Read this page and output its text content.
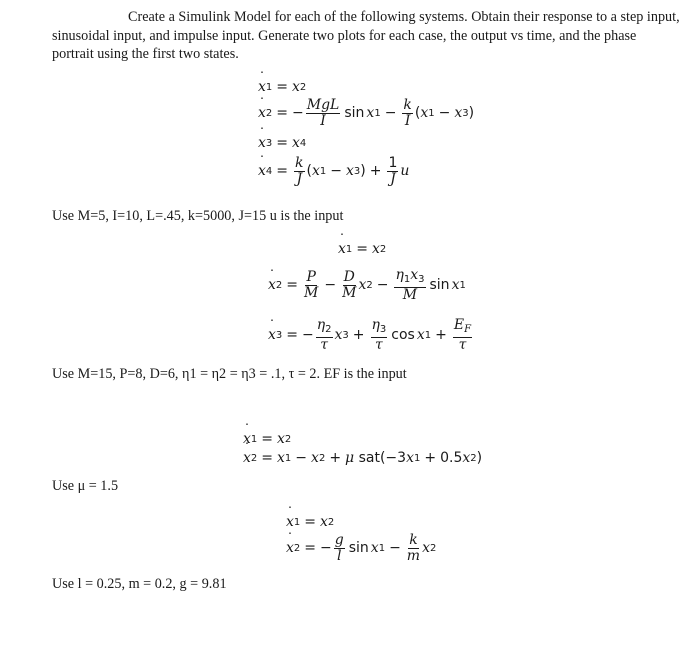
Create a Simulink Model for each of the following systems. Obtain their response to a step input, sinusoidal input, and impulse input. Generate two plots for each case, the output vs time, and the phase portrait using the first two states.

˙ x 1 = x 2
˙ x 2 = − $\frac{\text{MgL}}{I}$ sin x $1 - \frac{k}{I}$ ( x 1 − x 3 )
˙ x 3 = x 4
˙ x $4 = \frac{k}{J}$ ( x 1 − x 3 ) + $\frac{1}{J}$ u

Use M=5, I=10, L=.45, k=5000, J=15 u is the input

˙ x 1 = x 2
˙ x $2 = \frac{P}{M} - \frac{D}{M}$ x $2 - \frac{\eta_1x_3}{M}$ sin x 1
˙ x 3 = − $\frac{\eta_2}{\tau}$ x $3 + \frac{\eta_3}{\tau}$ cos x $1 + \frac{E_F}{\tau}$

Use M=15, P=8, D=6, η1 = η2 = η3 = .1, τ = 2. EF is the input

˙ x 1 = x 2
˙ x 2 = x 1 − x 2 + μ sat(−3 x 1 + 0.5 x 2 )

Use μ = 1.5

˙ x 1 = x 2
˙ x 2 = − $\frac{g}{l}$ sin x $1 - \frac{k}{m}$ x 2

Use l = 0.25, m = 0.2, g = 9.81
